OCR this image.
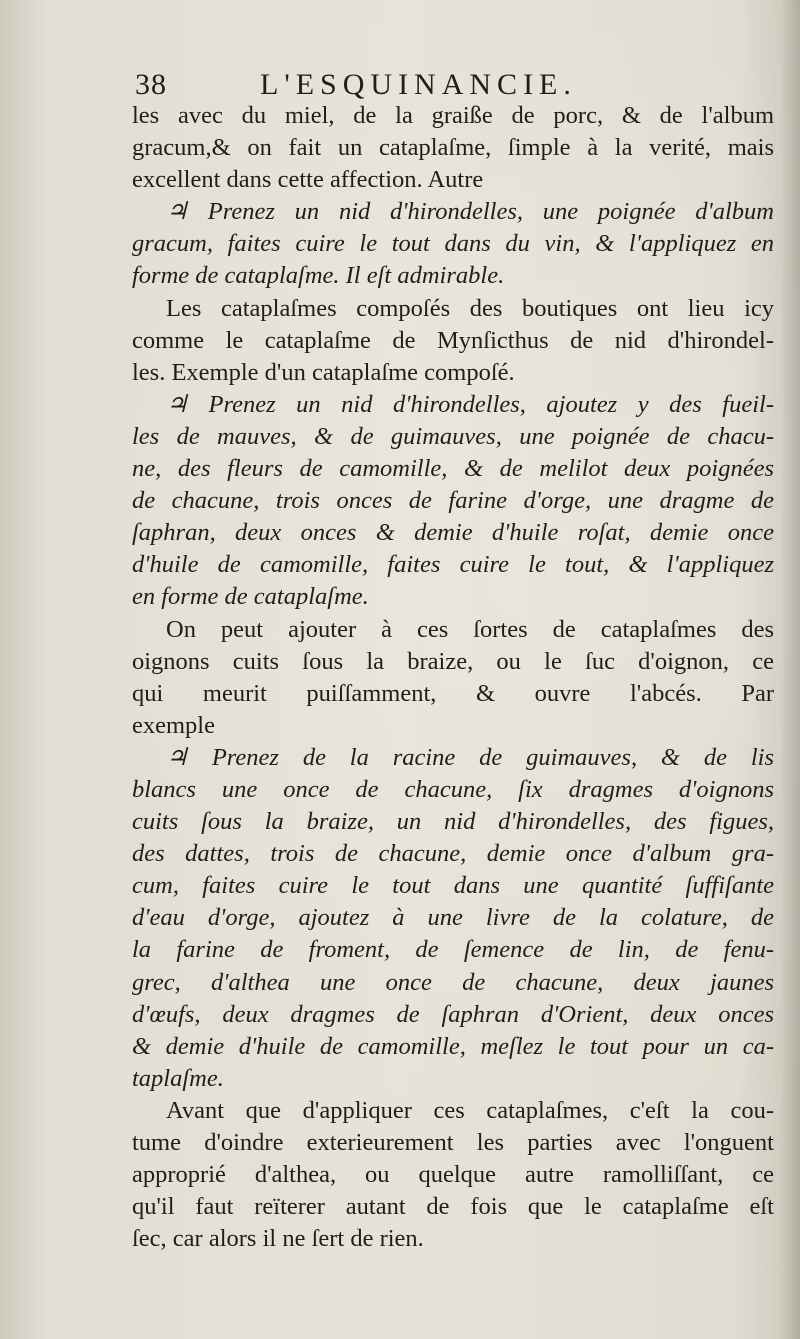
38	L'ESQUINANCIE.
les avec du miel, de la graiße de porc, & de l'album
gracum,& on fait un cataplaſme, ſimple à la verité, mais
excellent dans cette affection. Autre
♃ Prenez un nid d'hirondelles, une poignée d'album
gracum, faites cuire le tout dans du vin, & l'appliquez en
forme de cataplaſme. Il eſt admirable.
Les cataplaſmes compoſés des boutiques ont lieu icy
comme le cataplaſme de Mynſicthus de nid d'hirondel-
les. Exemple d'un cataplaſme compoſé.
♃ Prenez un nid d'hirondelles, ajoutez y des fueil-
les de mauves, & de guimauves, une poignée de chacu-
ne, des fleurs de camomille, & de melilot deux poignées
de chacune, trois onces de farine d'orge, une dragme de
ſaphran, deux onces & demie d'huile roſat, demie once
d'huile de camomille, faites cuire le tout, & l'appliquez
en forme de cataplaſme.
On peut ajouter à ces ſortes de cataplaſmes des
oignons cuits ſous la braize, ou le ſuc d'oignon, ce
qui meurit puiſſamment, & ouvre l'abcés. Par
exemple
♃ Prenez de la racine de guimauves, & de lis
blancs une once de chacune, ſix dragmes d'oignons
cuits ſous la braize, un nid d'hirondelles, des figues,
des dattes, trois de chacune, demie once d'album gra-
cum, faites cuire le tout dans une quantité ſuffiſante
d'eau d'orge, ajoutez à une livre de la colature, de
la farine de froment, de ſemence de lin, de fenu-
grec, d'althea une once de chacune, deux jaunes
d'œufs, deux dragmes de ſaphran d'Orient, deux onces
& demie d'huile de camomille, meſlez le tout pour un ca-
taplaſme.
Avant que d'appliquer ces cataplaſmes, c'eſt la cou-
tume d'oindre exterieurement les parties avec l'onguent
approprié d'althea, ou quelque autre ramolliſſant, ce
qu'il faut reïterer autant de fois que le cataplaſme eſt
ſec, car alors il ne ſert de rien.
